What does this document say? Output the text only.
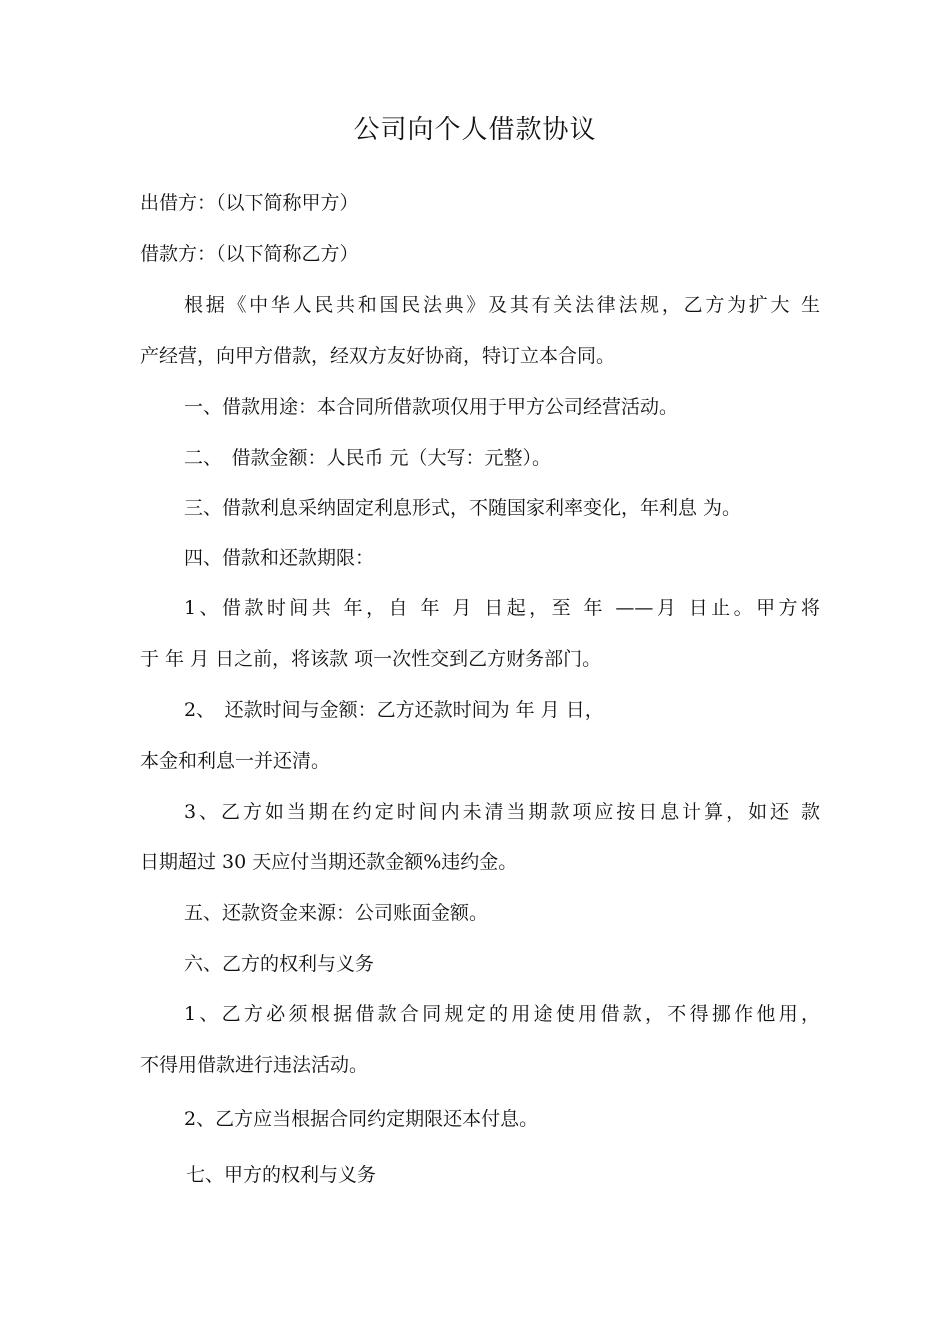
公司向个人借款协议

出借方：（以下简称甲方）

借款方：（以下简称乙方）

根据《中华人民共和国民法典》及其有关法律法规，乙方为扩大 生

产经营，向甲方借款，经双方友好协商，特订立本合同。

一、借款用途：本合同所借款项仅用于甲方公司经营活动。

二、　借款金额：人民币 元（大写：元整）。

三、借款利息采纳固定利息形式，不随国家利率变化，年利息 为。

四、借款和还款期限：

1、借款时间共 年，自 年 月 日起，至 年 ——月 日止。甲方将

于 年 月 日之前，将该款 项一次性交到乙方财务部门。

2、　还款时间与金额：乙方还款时间为 年 月 日，

本金和利息一并还清。

3、乙方如当期在约定时间内未清当期款项应按日息计算，如还 款

日期超过 30 天应付当期还款金额%违约金。

五、还款资金来源：公司账面金额。

六、乙方的权利与义务

1、乙方必须根据借款合同规定的用途使用借款，不得挪作他用，

不得用借款进行违法活动。

2、乙方应当根据合同约定期限还本付息。

七、甲方的权利与义务
